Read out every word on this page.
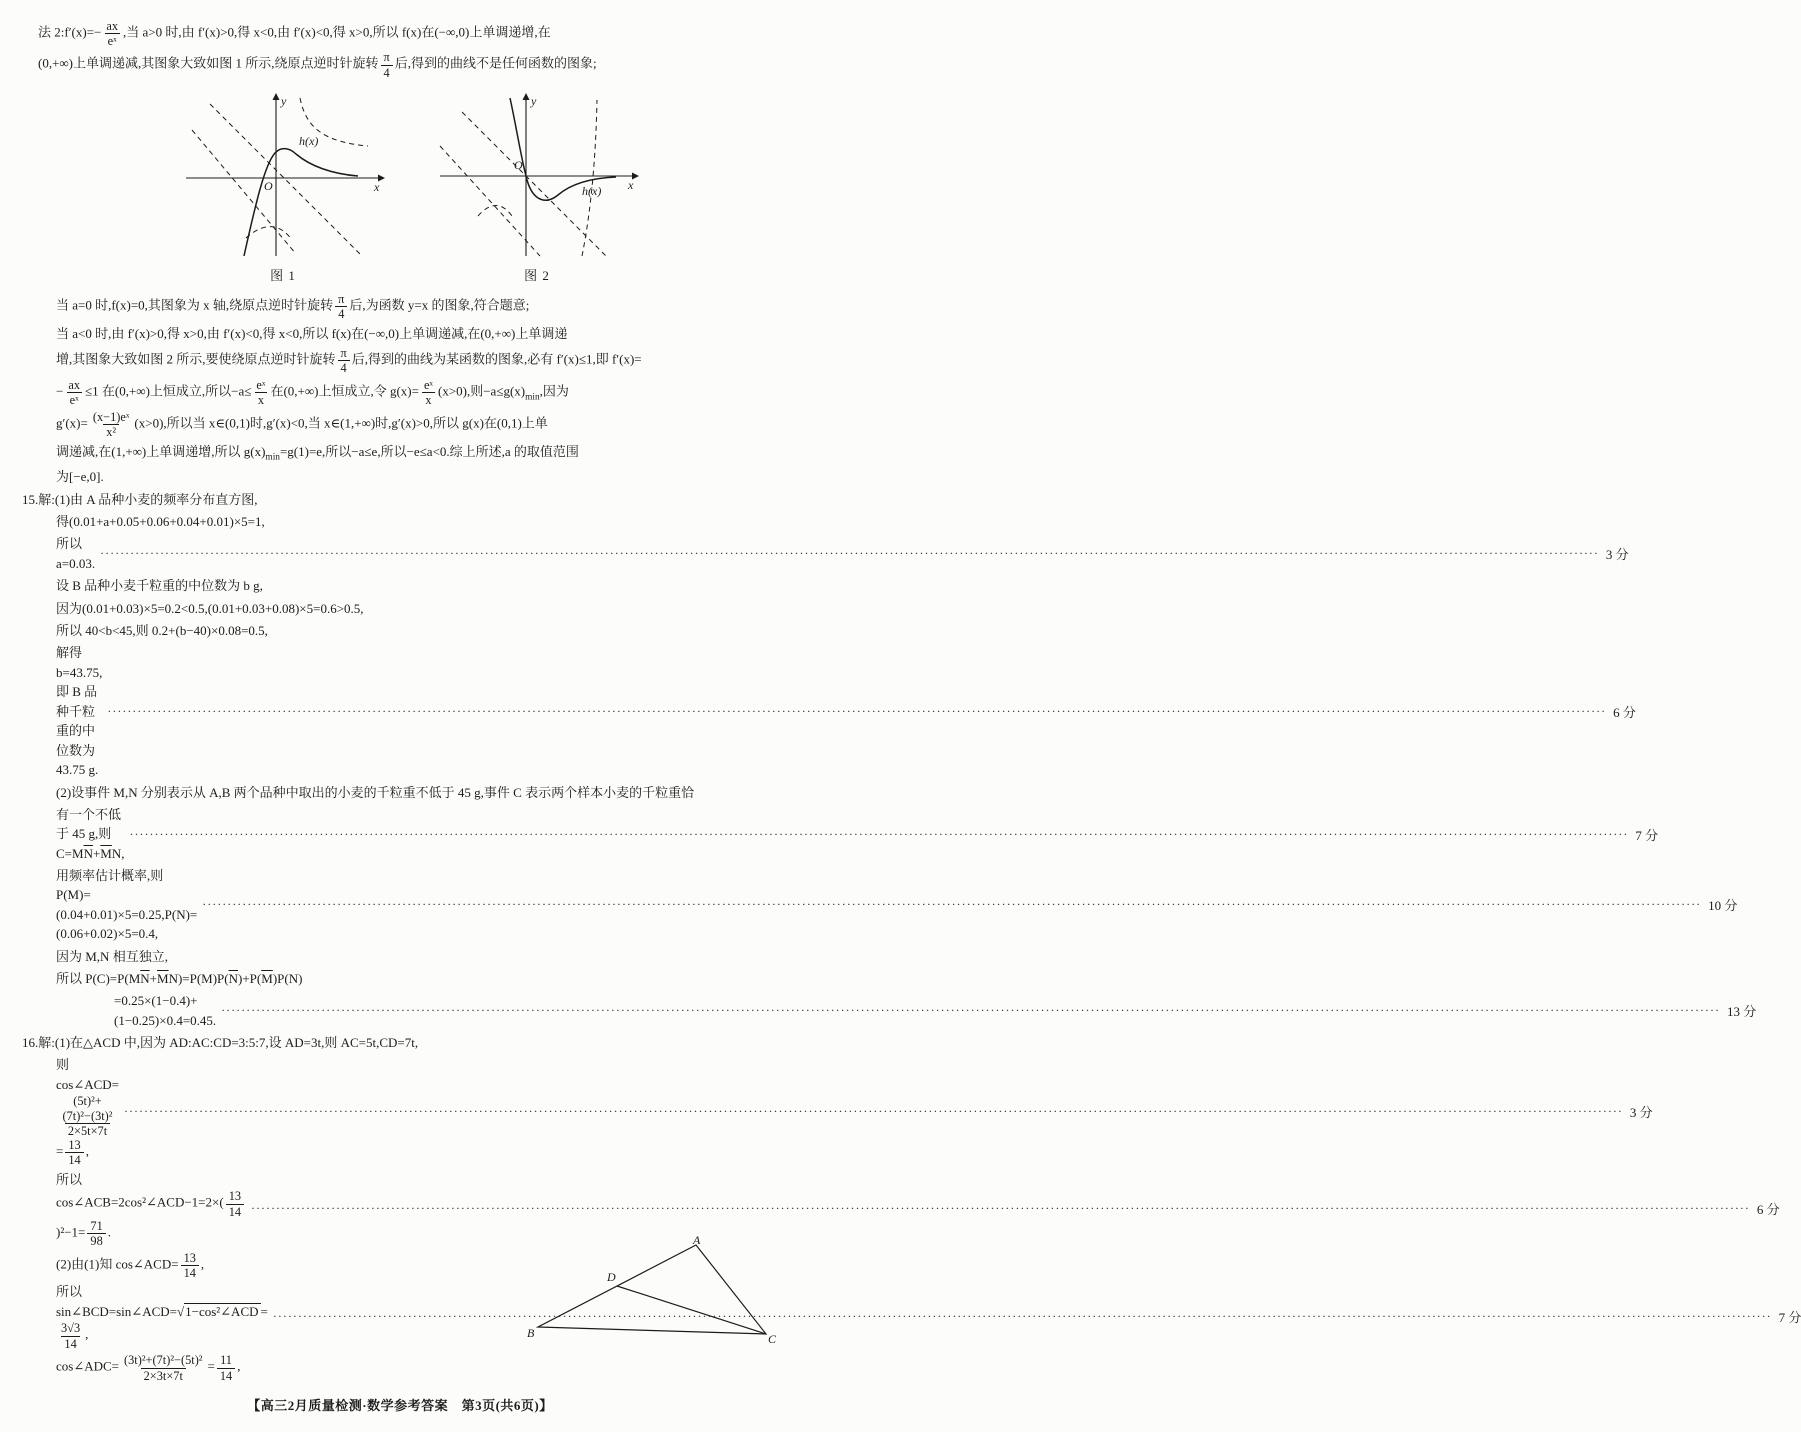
法 2:f′(x)=− $\frac{ax}{\text{eˣ}}$ ,当 a>0 时,由 f′(x)>0,得 x<0,由 f′(x)<0,得 x>0,所以 f(x)在(−∞,0)上单调递增,在
(0,+∞)上单调递减,其图象大致如图 1 所示,绕原点逆时针旋转 $\frac{\pi}{4}$ 后,得到的曲线不是任何函数的图象;
y
x
O
h(x)
图 1
y
x
O
h(x)
图 2
当 a=0 时,f(x)=0,其图象为 x 轴,绕原点逆时针旋转 $\frac{\pi}{4}$ 后,为函数 y=x 的图象,符合题意;
当 a<0 时,由 f′(x)>0,得 x>0,由 f′(x)<0,得 x<0,所以 f(x)在(−∞,0)上单调递减,在(0,+∞)上单调递
增,其图象大致如图 2 所示,要使绕原点逆时针旋转 $\frac{\pi}{4}$ 后,得到的曲线为某函数的图象,必有 f′(x)≤1,即 f′(x)=
− $\frac{ax}{\text{eˣ}} \le 1$ 在(0,+∞)上恒成立,所以$-a\le \frac{\text{eˣ}}{x}$ 在(0,+∞)上恒成立,令 $g(x)= \frac{\text{eˣ}}{x} (x>0)$,则$-a\le g(x)_{min}$,因为
$g'(x)= \frac{\text{(x−1)eˣ}}{\text{x²}} (x>0)$,所以当 x∈(0,1)时,g′(x)<0,当 x∈(1,+∞)时,g′(x)>0,所以 g(x)在(0,1)上单
调递减,在(1,+∞)上单调递增,所以 $g(x)_{min}=g(1)=e$,所以−a≤e,所以−e≤a<0.综上所述,a 的取值范围
为[−e,0].
15.解:(1)由 A 品种小麦的频率分布直方图,
得(0.01+a+0.05+0.06+0.04+0.01)×5=1,
所以 a=0.03.
············································································································································································································································································································ 3 分
设 B 品种小麦千粒重的中位数为 b g,
因为(0.01+0.03)×5=0.2<0.5,(0.01+0.03+0.08)×5=0.6>0.5,
所以 40<b<45,则 0.2+(b−40)×0.08=0.5,
解得 b=43.75,即 B 品种千粒重的中位数为 43.75 g.
············································································································································································································································································································ 6 分
(2)设事件 M,N 分别表示从 A,B 两个品种中取出的小麦的千粒重不低于 45 g,事件 C 表示两个样本小麦的千粒重恰
有一个不低于 45 g,则 $C=M\overline{N}+\overline{M}N$,
············································································································································································································································································································ 7 分
用频率估计概率,则 P(M)=(0.04+0.01)×5=0.25,P(N)=(0.06+0.02)×5=0.4,
············································································································································································································································································································ 10 分
因为 M,N 相互独立,
所以 $P(C)=P(M\overline{N}+\overline{M}N)=P(M)P(\overline{N})+P(\overline{M})P(N)$
=0.25×(1−0.4)+(1−0.25)×0.4=0.45.
············································································································································································································································································································ 13 分
16.解:(1)在△ACD 中,因为 AD:AC:CD=3:5:7,设 AD=3t,则 AC=5t,CD=7t,
则 cos∠ACD=
$\frac{\text{(5t)²+(7t)²−(3t)²}}{2\times 5t\times 7t}$
= $\frac{13}{14}$ ,
············································································································································································································································································································ 3 分
所以 cos∠ACB=2cos²∠ACD−1=2×( $\frac{13}{14}$
)$^2-1= \frac{71}{98}$ .
············································································································································································································································································································ 6 分
(2)由(1)知 cos∠ACD= $\frac{13}{14}$ ,
所以 sin∠BCD=sin∠ACD=√1−cos²∠ACD =
$\frac{3√3}{14}$ ,
············································································································································································································································································································ 7 分
cos∠ADC= $\frac{\text{(3t)²+(7t)²−(5t)²}}{2\times 3t\times 7t} = \frac{11}{14}$ ,
A
B	C
D
【高三2月质量检测·数学参考答案　第3页(共6页)】
